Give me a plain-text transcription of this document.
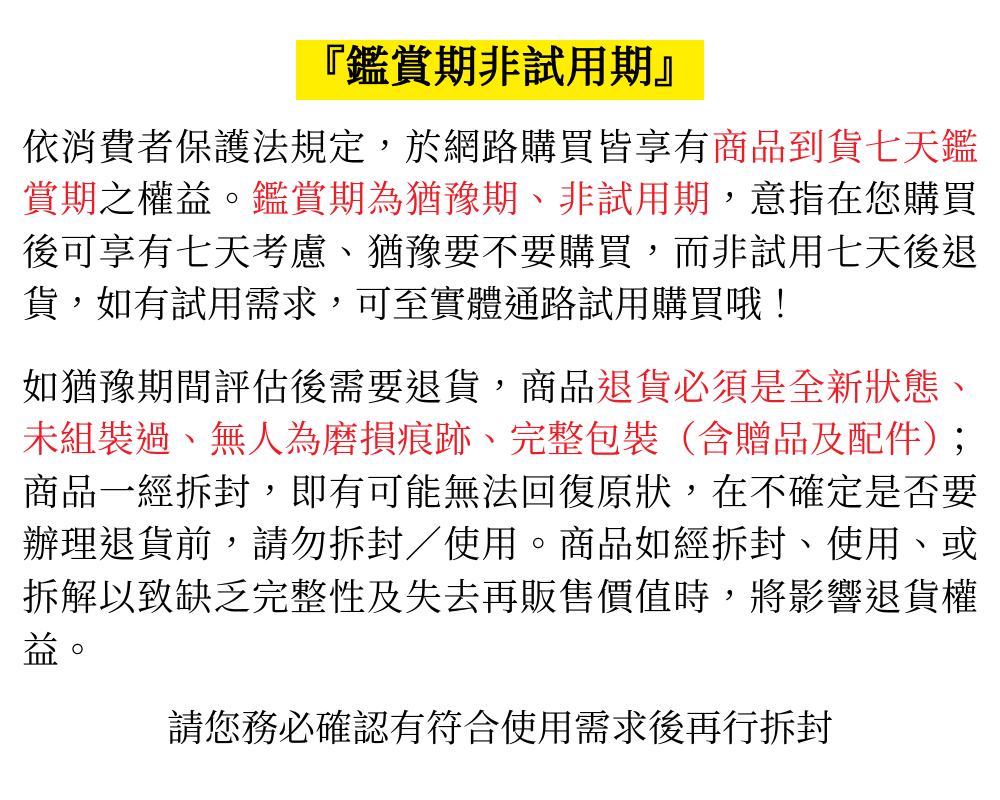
『鑑賞期非試用期』

依消費者保護法規定，於網路購買皆享有商品到貨七天鑑賞期之權益。鑑賞期為猶豫期、非試用期，意指在您購買後可享有七天考慮、猶豫要不要購買，而非試用七天後退貨，如有試用需求，可至實體通路試用購買哦！

如猶豫期間評估後需要退貨，商品退貨必須是全新狀態、未組裝過、無人為磨損痕跡、完整包裝（含贈品及配件）；商品一經拆封，即有可能無法回復原狀，在不確定是否要辦理退貨前，請勿拆封／使用。商品如經拆封、使用、或拆解以致缺乏完整性及失去再販售價值時，將影響退貨權益。

請您務必確認有符合使用需求後再行拆封
